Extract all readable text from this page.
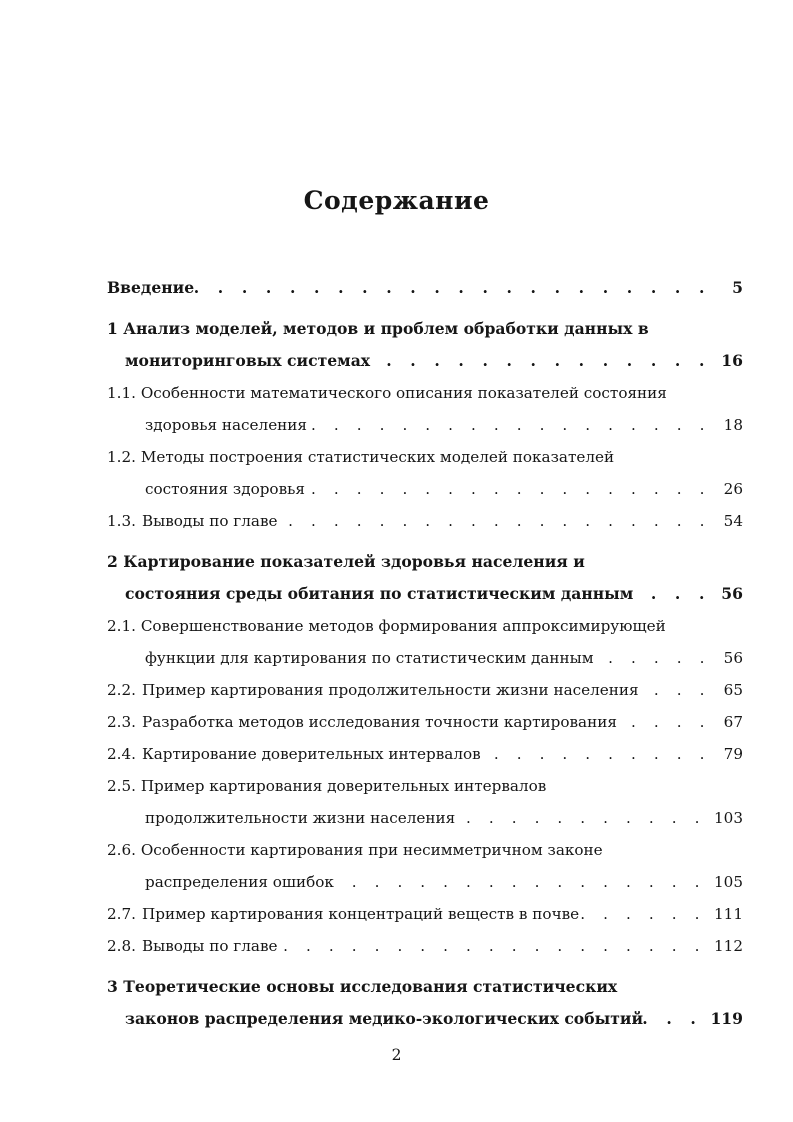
Содержание
Введение . . .	5
1 Анализ моделей, методов и проблем обработки данных в
мониторинговых системах . . .	16
1.1. Особенности математического описания показателей состояния
здоровья населения . . .	18
1.2. Методы построения статистических моделей показателей
состояния здоровья . . .	26
1.3. Выводы по главе . . .	54
2 Картирование показателей здоровья населения и
состояния среды обитания по статистическим данным . . .	56
2.1. Совершенствование методов формирования аппроксимирующей
функции для картирования по статистическим данным . . .	56
2.2. Пример картирования продолжительности жизни населения . . .	65
2.3. Разработка методов исследования точности картирования . . .	67
2.4. Картирование доверительных интервалов . . .	79
2.5. Пример картирования доверительных интервалов
продолжительности жизни населения . . .	103
2.6. Особенности картирования при несимметричном законе
распределения ошибок . . .	105
2.7. Пример картирования концентраций веществ в почве . . .	111
2.8. Выводы по главе . . .	112
3 Теоретические основы исследования статистических
законов распределения медико-экологических событий . . .	119
2
